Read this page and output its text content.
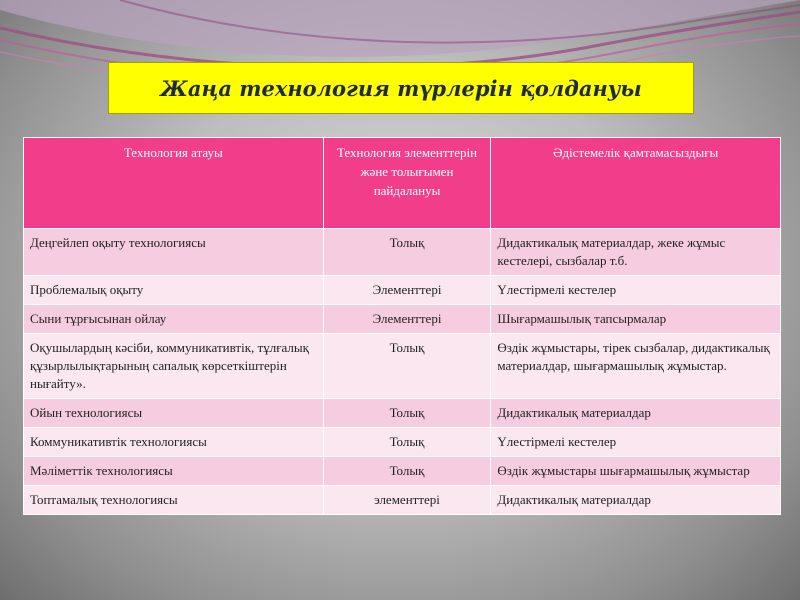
Жаңа технология түрлерін қолдануы
Технология атауы	Технология элементтерін және толығымен пайдалануы	Әдістемелік қамтамасыздығы
Деңгейлеп оқыту технологиясы	Толық	Дидактикалық материалдар, жеке жұмыс кестелері, сызбалар т.б.
Проблемалық оқыту	Элементтері	Үлестірмелі кестелер
Сыни тұрғысынан ойлау	Элементтері	Шығармашылық тапсырмалар
Оқушылардың кәсіби, коммуникативтік, тұлғалық құзырлылықтарының сапалық көрсеткіштерін нығайту».	Толық	Өздік жұмыстары, тірек сызбалар, дидактикалық материалдар, шығармашылық жұмыстар.
Ойын технологиясы	Толық	Дидактикалық материалдар
Коммуникативтік технологиясы	Толық	Үлестірмелі кестелер
Мәліметтік технологиясы	Толық	Өздік жұмыстары шығармашылық жұмыстар
Топтамалық технологиясы	элементтері	Дидактикалық материалдар
